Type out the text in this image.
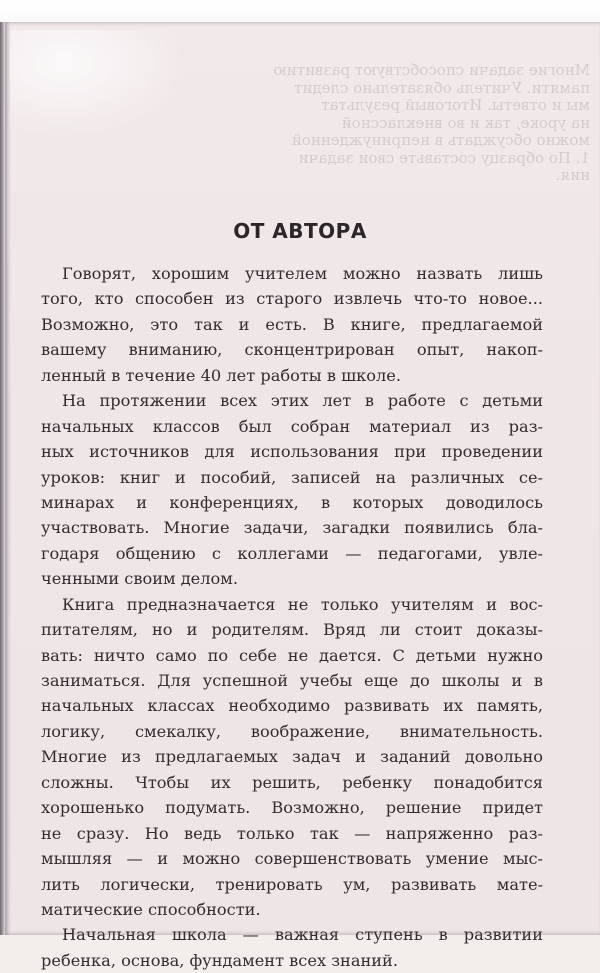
Многие задачи способствуют развитию
памяти. Учитель обязательно следит
мы и ответы. Итоговый результат
на уроке, так и во внеклассной
можно обсуждать в непринужденной
1. По образцу составьте свои задачи
ния.
ОТ АВТОРА
Говорят, хорошим учителем можно назвать лишь
того, кто способен из старого извлечь что-то новое...
Возможно, это так и есть. В книге, предлагаемой
вашему вниманию, сконцентрирован опыт, накоп-
ленный в течение 40 лет работы в школе.
На протяжении всех этих лет в работе с детьми
начальных классов был собран материал из раз-
ных источников для использования при проведении
уроков: книг и пособий, записей на различных се-
минарах и конференциях, в которых доводилось
участвовать. Многие задачи, загадки появились бла-
годаря общению с коллегами — педагогами, увле-
ченными своим делом.
Книга предназначается не только учителям и вос-
питателям, но и родителям. Вряд ли стоит доказы-
вать: ничто само по себе не дается. С детьми нужно
заниматься. Для успешной учебы еще до школы и в
начальных классах необходимо развивать их память,
логику, смекалку, воображение, внимательность.
Многие из предлагаемых задач и заданий довольно
сложны. Чтобы их решить, ребенку понадобится
хорошенько подумать. Возможно, решение придет
не сразу. Но ведь только так — напряженно раз-
мышляя — и можно совершенствовать умение мыс-
лить логически, тренировать ум, развивать мате-
матические способности.
Начальная школа — важная ступень в развитии
ребенка, основа, фундамент всех знаний.
